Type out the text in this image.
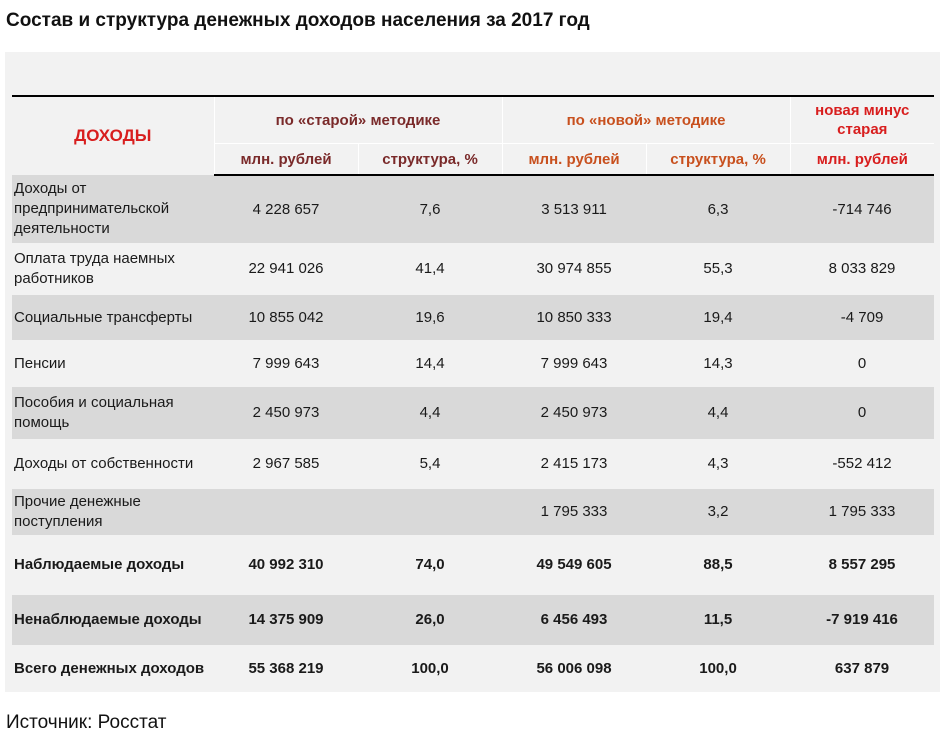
Состав и структура денежных доходов населения за 2017 год
ДОХОДЫ	по «старой» методике		по «новой» методике		новая минус старая
	млн. рублей	структура, %	млн. рублей	структура, %	млн. рублей
Доходы от предпринимательской деятельности	4 228 657	7,6	3 513 911	6,3	-714 746
Оплата труда наемных работников	22 941 026	41,4	30 974 855	55,3	8 033 829
Социальные трансферты	10 855 042	19,6	10 850 333	19,4	-4 709
Пенсии	7 999 643	14,4	7 999 643	14,3	0
Пособия и социальная помощь	2 450 973	4,4	2 450 973	4,4	0
Доходы от собственности	2 967 585	5,4	2 415 173	4,3	-552 412
Прочие денежные поступления			1 795 333	3,2	1 795 333
Наблюдаемые доходы	40 992 310	74,0	49 549 605	88,5	8 557 295
Ненаблюдаемые доходы	14 375 909	26,0	6 456 493	11,5	-7 919 416
Всего денежных доходов	55 368 219	100,0	56 006 098	100,0	637 879
Источник: Росстат
